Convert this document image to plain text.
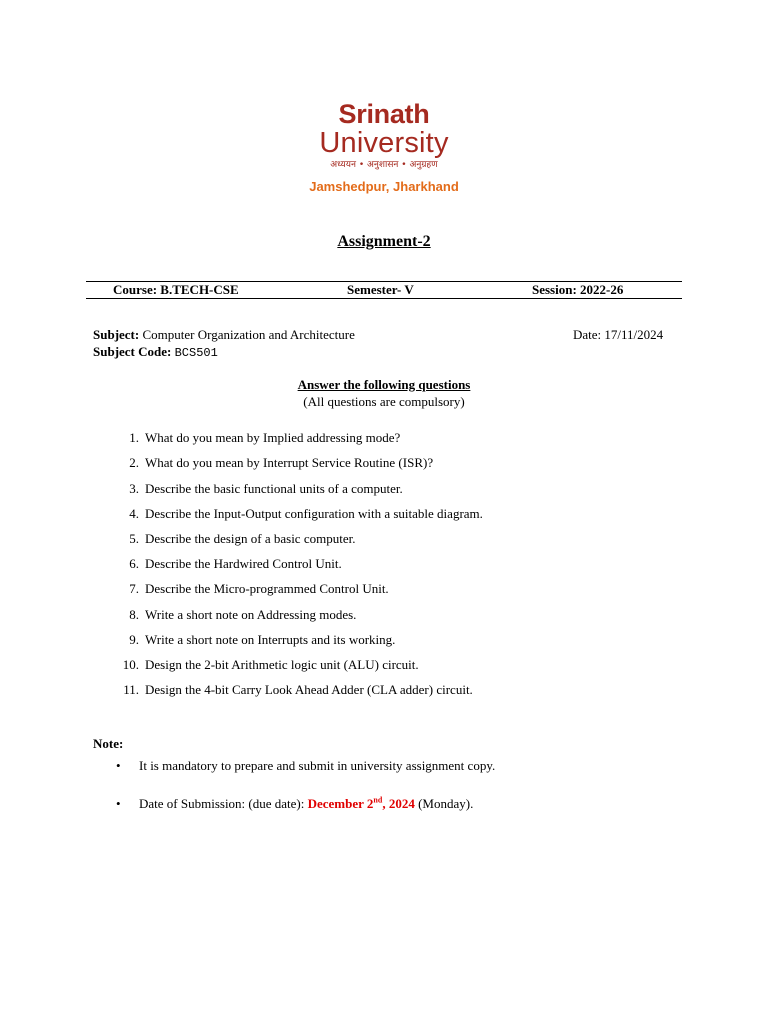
Srinath
University
अध्ययन • अनुशासन • अनुग्रहण
Jamshedpur, Jharkhand
Assignment-2
Course: B.TECH-CSE	Semester- V	Session: 2022-26
Subject: Computer Organization and Architecture
Subject Code: BCS501
Date: 17/11/2024
Answer the following questions
(All questions are compulsory)
1. What do you mean by Implied addressing mode?
2. What do you mean by Interrupt Service Routine (ISR)?
3. Describe the basic functional units of a computer.
4. Describe the Input-Output configuration with a suitable diagram.
5. Describe the design of a basic computer.
6. Describe the Hardwired Control Unit.
7. Describe the Micro-programmed Control Unit.
8. Write a short note on Addressing modes.
9. Write a short note on Interrupts and its working.
10. Design the 2-bit Arithmetic logic unit (ALU) circuit.
11. Design the 4-bit Carry Look Ahead Adder (CLA adder) circuit.
Note:
• It is mandatory to prepare and submit in university assignment copy.
• Date of Submission: (due date): December 2nd, 2024 (Monday).
